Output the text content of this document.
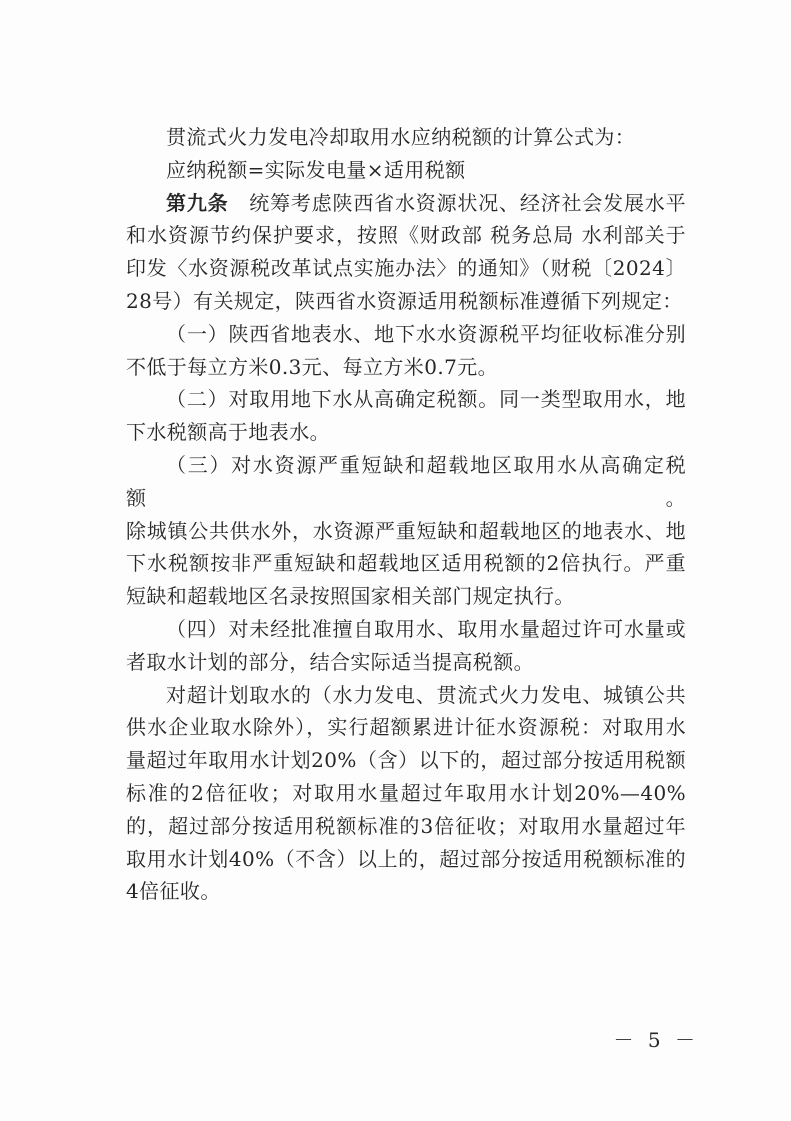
贯流式火力发电冷却取用水应纳税额的计算公式为：

应纳税额=实际发电量×适用税额

第九条　统筹考虑陕西省水资源状况、经济社会发展水平和水资源节约保护要求，按照《财政部 税务总局 水利部关于印发〈水资源税改革试点实施办法〉的通知》（财税〔2024〕28号）有关规定，陕西省水资源适用税额标准遵循下列规定：

（一）陕西省地表水、地下水水资源税平均征收标准分别不低于每立方米0.3元、每立方米0.7元。

（二）对取用地下水从高确定税额。同一类型取用水，地下水税额高于地表水。

（三）对水资源严重短缺和超载地区取用水从高确定税额。

除城镇公共供水外，水资源严重短缺和超载地区的地表水、地下水税额按非严重短缺和超载地区适用税额的2倍执行。严重短缺和超载地区名录按照国家相关部门规定执行。

（四）对未经批准擅自取用水、取用水量超过许可水量或者取水计划的部分，结合实际适当提高税额。

对超计划取水的（水力发电、贯流式火力发电、城镇公共供水企业取水除外），实行超额累进计征水资源税：对取用水量超过年取用水计划20%（含）以下的，超过部分按适用税额标准的2倍征收；对取用水量超过年取用水计划20%—40%的，超过部分按适用税额标准的3倍征收；对取用水量超过年取用水计划40%（不含）以上的，超过部分按适用税额标准的4倍征收。

－ 5 －
